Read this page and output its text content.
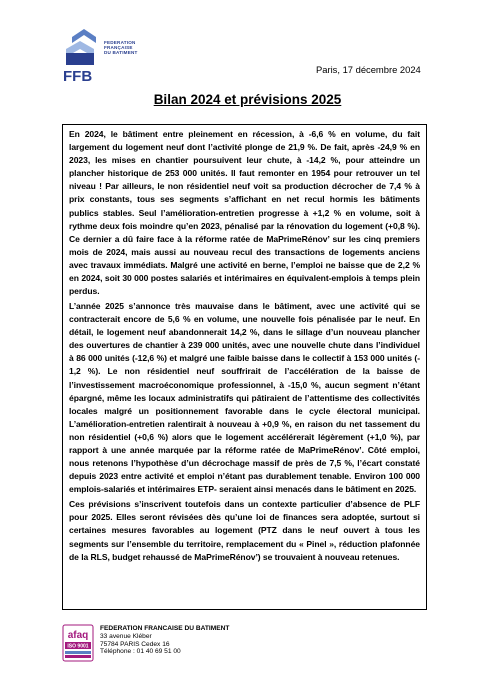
FFB
FEDERATION
FRANÇAISE
DU BATIMENT
Paris, 17 décembre 2024
Bilan 2024 et prévisions 2025

En 2024, le bâtiment entre pleinement en récession, à -6,6 % en volume, du fait largement du logement neuf dont l’activité plonge de 21,9 %. De fait, après -24,9 % en 2023, les mises en chantier poursuivent leur chute, à -14,2 %, pour atteindre un plancher historique de 253 000 unités. Il faut remonter en 1954 pour retrouver un tel niveau ! Par ailleurs, le non résidentiel neuf voit sa production décrocher de 7,4 % à prix constants, tous ses segments s’affichant en net recul hormis les bâtiments publics stables. Seul l’amélioration-entretien progresse à +1,2 % en volume, soit à rythme deux fois moindre qu’en 2023, pénalisé par la rénovation du logement (+0,8 %). Ce dernier a dû faire face à la réforme ratée de MaPrimeRénov’ sur les cinq premiers mois de 2024, mais aussi au nouveau recul des transactions de logements anciens avec travaux immédiats. Malgré une activité en berne, l’emploi ne baisse que de 2,2 % en 2024, soit 30 000 postes salariés et intérimaires en équivalent-emplois à temps plein perdus.

L’année 2025 s’annonce très mauvaise dans le bâtiment, avec une activité qui se contracterait encore de 5,6 % en volume, une nouvelle fois pénalisée par le neuf. En détail, le logement neuf abandonnerait 14,2 %, dans le sillage d’un nouveau plancher des ouvertures de chantier à 239 000 unités, avec une nouvelle chute dans l’individuel à 86 000 unités (-12,6 %) et malgré une faible baisse dans le collectif à 153 000 unités (- 1,2 %). Le non résidentiel neuf souffrirait de l’accélération de la baisse de l’investissement macroéconomique professionnel, à -15,0 %, aucun segment n’étant épargné, même les locaux administratifs qui pâtiraient de l’attentisme des collectivités locales malgré un positionnement favorable dans le cycle électoral municipal. L’amélioration-entretien ralentirait à nouveau à +0,9 %, en raison du net tassement du non résidentiel (+0,6 %) alors que le logement accélérerait légèrement (+1,0 %), par rapport à une année marquée par la réforme ratée de MaPrimeRénov’. Côté emploi, nous retenons l’hypothèse d’un décrochage massif de près de 7,5 %, l’écart constaté depuis 2023 entre activité et emploi n’étant pas durablement tenable. Environ 100 000 emplois-salariés et intérimaires ETP- seraient ainsi menacés dans le bâtiment en 2025.

Ces prévisions s’inscrivent toutefois dans un contexte particulier d’absence de PLF pour 2025. Elles seront révisées dès qu’une loi de finances sera adoptée, surtout si certaines mesures favorables au logement (PTZ dans le neuf ouvert à tous les segments sur l’ensemble du territoire, remplacement du « Pinel », réduction plafonnée de la RLS, budget rehaussé de MaPrimeRénov’) se trouvaient à nouveau retenues.

afaq
ISO 9001
FEDERATION FRANCAISE DU BATIMENT
33 avenue Kléber
75784 PARIS Cedex 16
Téléphone : 01 40 69 51 00
